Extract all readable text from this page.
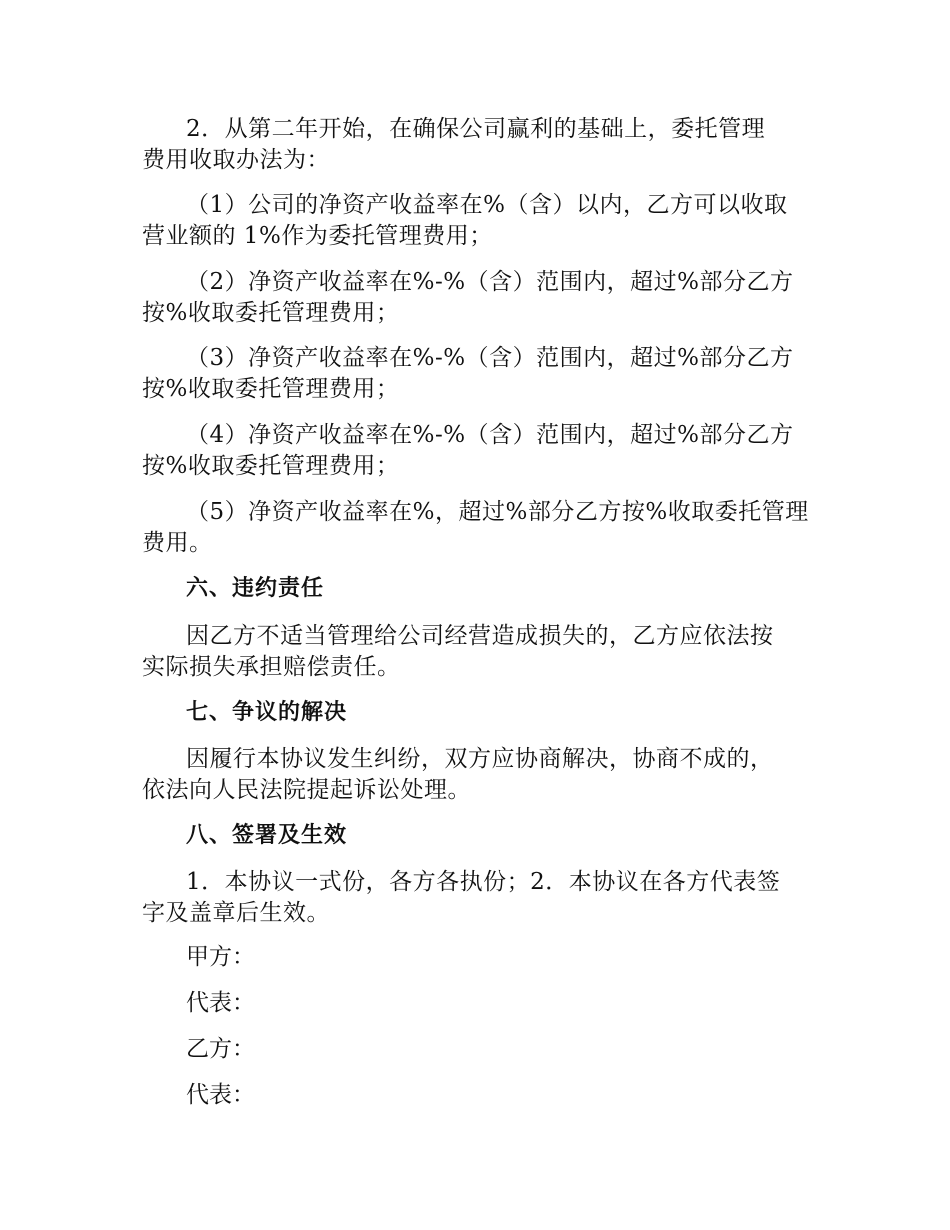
2．从第二年开始，在确保公司赢利的基础上，委托管理
费用收取办法为：

（1）公司的净资产收益率在%（含）以内，乙方可以收取
营业额的 1%作为委托管理费用；

（2）净资产收益率在%-%（含）范围内，超过%部分乙方
按%收取委托管理费用；

（3）净资产收益率在%-%（含）范围内，超过%部分乙方
按%收取委托管理费用；

（4）净资产收益率在%-%（含）范围内，超过%部分乙方
按%收取委托管理费用；

（5）净资产收益率在%，超过%部分乙方按%收取委托管理
费用。

六、违约责任

因乙方不适当管理给公司经营造成损失的，乙方应依法按
实际损失承担赔偿责任。

七、争议的解决

因履行本协议发生纠纷，双方应协商解决，协商不成的，
依法向人民法院提起诉讼处理。

八、签署及生效

1．本协议一式份，各方各执份；2．本协议在各方代表签
字及盖章后生效。

甲方：
代表：
乙方：
代表：
